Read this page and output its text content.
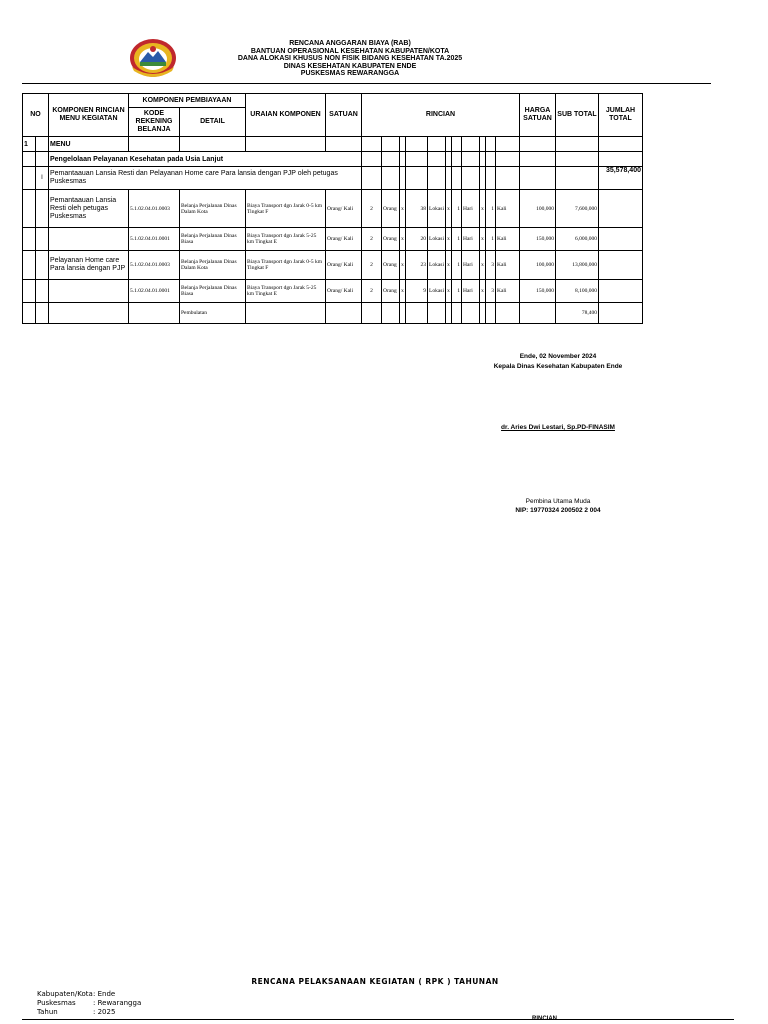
RENCANA ANGGARAN BIAYA (RAB)
BANTUAN OPERASIONAL KESEHATAN KABUPATEN/KOTA
DANA ALOKASI KHUSUS NON FISIK BIDANG KESEHATAN TA.2025
DINAS KESEHATAN KABUPATEN ENDE
PUSKESMAS REWARANGGA
NO		KOMPONEN RINCIAN MENU KEGIATAN	KOMPONEN PEMBIAYAAN		URAIAN KOMPONEN	SATUAN	RINCIAN											HARGA SATUAN	SUB TOTAL	JUMLAH TOTAL
			KODE REKENING BELANJA	DETAIL																
1		MENU																		
		Pengelolaan Pelayanan Kesehatan pada Usia Lanjut																		
	I	Pemantaauan Lansia Resti dan Pelayanan Home care Para lansia dengan PJP oleh petugas Puskesmas																		35,578,400
		Pemantaauan Lansia Resti oleh petugas Puskesmas	5.1.02.04.01.0003	Belanja Perjalanan Dinas Dalam Kota	Biaya Transport dgn Jarak 0-5 km Tingkat F	Orang/ Kali	2	Orang	x	38	Lokasi	x	1	Hari	x	1	Kali	100,000	7,600,000	
			5.1.02.04.01.0001	Belanja Perjalanan Dinas Biasa	Biaya Transport dgn Jarak 5-25 km Tingkat E	Orang/ Kali	2	Orang	x	20	Lokasi	x	1	Hari	x	1	Kali	150,000	6,000,000	
		Pelayanan Home care Para lansia dengan PJP	5.1.02.04.01.0003	Belanja Perjalanan Dinas Dalam Kota	Biaya Transport dgn Jarak 0-5 km Tingkat F	Orang/ Kali	2	Orang	x	23	Lokasi	x	1	Hari	x	3	Kali	100,000	13,800,000	
			5.1.02.04.01.0001	Belanja Perjalanan Dinas Biasa	Biaya Transport dgn Jarak 5-25 km Tingkat E	Orang/ Kali	2	Orang	x	9	Lokasi	x	1	Hari	x	3	Kali	150,000	8,100,000	
				Pembulatan															78,400	
Ende, 02 November 2024
Kepala Dinas Kesehatan Kabupaten Ende
dr. Aries Dwi Lestari, Sp.PD-FINASIM
Pembina Utama Muda
NIP: 19770324 200502 2 004
RENCANA PELAKSANAAN KEGIATAN ( RPK ) TAHUNAN
Kabupaten/Kota: Ende
Puskesmas : Rewarangga
Tahun	: 2025
RINCIAN
